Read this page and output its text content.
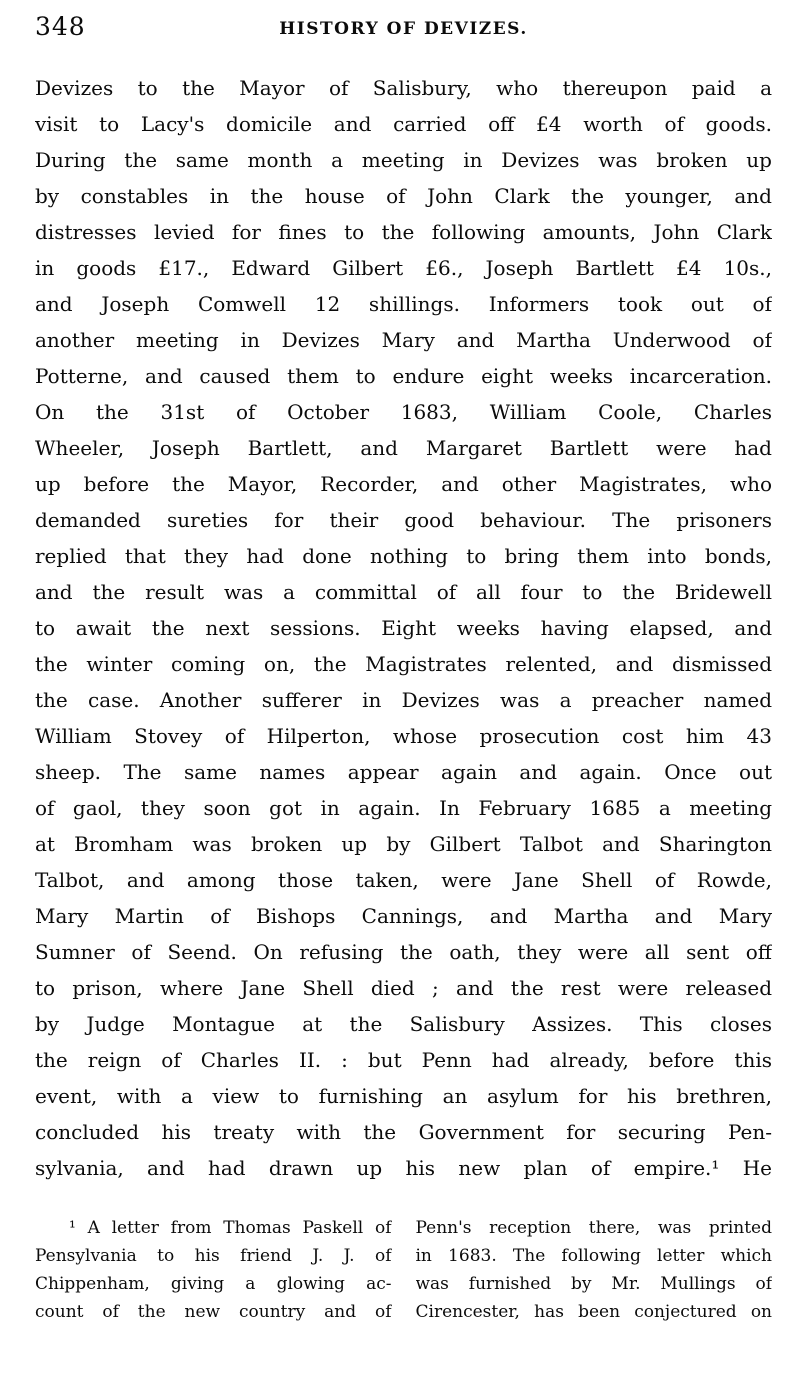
348	HISTORY OF DEVIZES.
Devizes to the Mayor of Salisbury, who thereupon paid a
visit to Lacy's domicile and carried off £4 worth of goods.
During the same month a meeting in Devizes was broken up
by constables in the house of John Clark the younger, and
distresses levied for fines to the following amounts, John Clark
in goods £17., Edward Gilbert £6., Joseph Bartlett £4 10s.,
and Joseph Comwell 12 shillings. Informers took out of
another meeting in Devizes Mary and Martha Underwood of
Potterne, and caused them to endure eight weeks incarceration.
On the 31st of October 1683, William Coole, Charles
Wheeler, Joseph Bartlett, and Margaret Bartlett were had
up before the Mayor, Recorder, and other Magistrates, who
demanded sureties for their good behaviour. The prisoners
replied that they had done nothing to bring them into bonds,
and the result was a committal of all four to the Bridewell
to await the next sessions. Eight weeks having elapsed, and
the winter coming on, the Magistrates relented, and dismissed
the case. Another sufferer in Devizes was a preacher named
William Stovey of Hilperton, whose prosecution cost him 43
sheep. The same names appear again and again. Once out
of gaol, they soon got in again. In February 1685 a meeting
at Bromham was broken up by Gilbert Talbot and Sharington
Talbot, and among those taken, were Jane Shell of Rowde,
Mary Martin of Bishops Cannings, and Martha and Mary
Sumner of Seend. On refusing the oath, they were all sent off
to prison, where Jane Shell died ; and the rest were released
by Judge Montague at the Salisbury Assizes. This closes
the reign of Charles II. : but Penn had already, before this
event, with a view to furnishing an asylum for his brethren,
concluded his treaty with the Government for securing Pen-
sylvania, and had drawn up his new plan of empire.¹ He
¹ A letter from Thomas Paskell of
Pensylvania to his friend J. J. of
Chippenham, giving a glowing ac-
count of the new country and of
Penn's reception there, was printed
in 1683. The following letter which
was furnished by Mr. Mullings of
Cirencester, has been conjectured on
